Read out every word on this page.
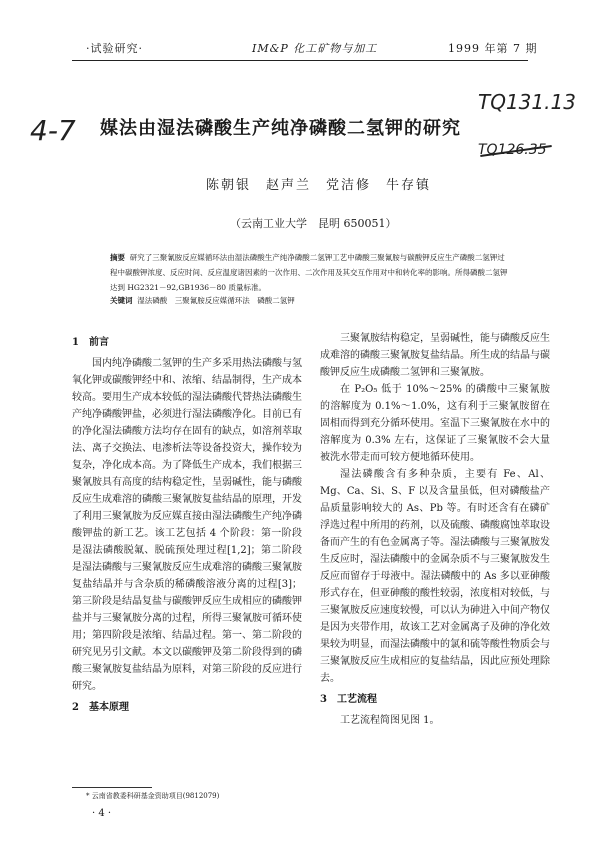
·试验研究·	IM&P 化工矿物与加工	1999 年第 7 期
4-7
TQ131.13
TQ126.35
媒法由湿法磷酸生产纯净磷酸二氢钾的研究
陈朝银　赵声兰　党洁修　牛存镇
（云南工业大学　昆明 650051）
摘要 研究了三聚氰胺反应媒循环法由湿法磷酸生产纯净磷酸二氢钾工艺中磷酸三聚氰胺与碳酸钾反应生产磷酸二氢钾过程中碳酸钾浓度、反应时间、反应温度诸因素的一次作用、二次作用及其交互作用对中和转化率的影响。所得磷酸二氢钾达到 HG2321－92,GB1936－80 质量标准。
关键词 湿法磷酸　三聚氰胺反应媒循环法　磷酸二氢钾

1　前言

国内纯净磷酸二氢钾的生产多采用热法磷酸与氢氧化钾或碳酸钾经中和、浓缩、结晶制得，生产成本较高。要用生产成本较低的湿法磷酸代替热法磷酸生产纯净磷酸钾盐，必须进行湿法磷酸净化。目前已有的净化湿法磷酸方法均存在固有的缺点，如溶剂萃取法、离子交换法、电渗析法等设备投资大，操作较为复杂，净化成本高。为了降低生产成本，我们根据三聚氰胺具有高度的结构稳定性，呈弱碱性，能与磷酸反应生成难溶的磷酸三聚氰胺复盐结晶的原理，开发了利用三聚氰胺为反应媒直接由湿法磷酸生产纯净磷酸钾盐的新工艺。该工艺包括 4 个阶段：第一阶段是湿法磷酸脱氟、脱硫预处理过程[1,2]；第二阶段是湿法磷酸与三聚氰胺反应生成难溶的磷酸三聚氰胺复盐结晶并与含杂质的稀磷酸溶液分离的过程[3]；第三阶段是结晶复盐与碳酸钾反应生成相应的磷酸钾盐并与三聚氰胺分离的过程，所得三聚氰胺可循环使用；第四阶段是浓缩、结晶过程。第一、第二阶段的研究见另引文献。本文以碳酸钾及第二阶段得到的磷酸三聚氰胺复盐结晶为原料，对第三阶段的反应进行研究。

2　基本原理

三聚氰胺结构稳定，呈弱碱性，能与磷酸反应生成难溶的磷酸三聚氰胺复盐结晶。所生成的结晶与碳酸钾反应生成磷酸二氢钾和三聚氰胺。

在 P₂O₅ 低于 10%～25% 的磷酸中三聚氰胺的溶解度为 0.1%～1.0%，这有利于三聚氰胺留在固相而得到充分循环使用。室温下三聚氰胺在水中的溶解度为 0.3% 左右，这保证了三聚氰胺不会大量被洗水带走而可较方便地循环使用。

湿法磷酸含有多种杂质，主要有 Fe、Al、Mg、Ca、Si、S、F 以及含量虽低，但对磷酸盐产品质量影响较大的 As、Pb 等。有时还含有在磷矿浮选过程中所用的药剂，以及硫酸、磷酸腐蚀萃取设备而产生的有色金属离子等。湿法磷酸与三聚氰胺发生反应时，湿法磷酸中的金属杂质不与三聚氰胺发生反应而留存于母液中。湿法磷酸中的 As 多以亚砷酸形式存在，但亚砷酸的酸性较弱，浓度相对较低，与三聚氰胺反应速度较慢，可以认为砷进入中间产物仅是因为夹带作用，故该工艺对金属离子及砷的净化效果较为明显，而湿法磷酸中的氯和硫等酸性物质会与三聚氰胺反应生成相应的复盐结晶，因此应预处理除去。

3　工艺流程

工艺流程简图见图 1。

* 云南省教委科研基金资助项目(9812079)
· 4 ·
